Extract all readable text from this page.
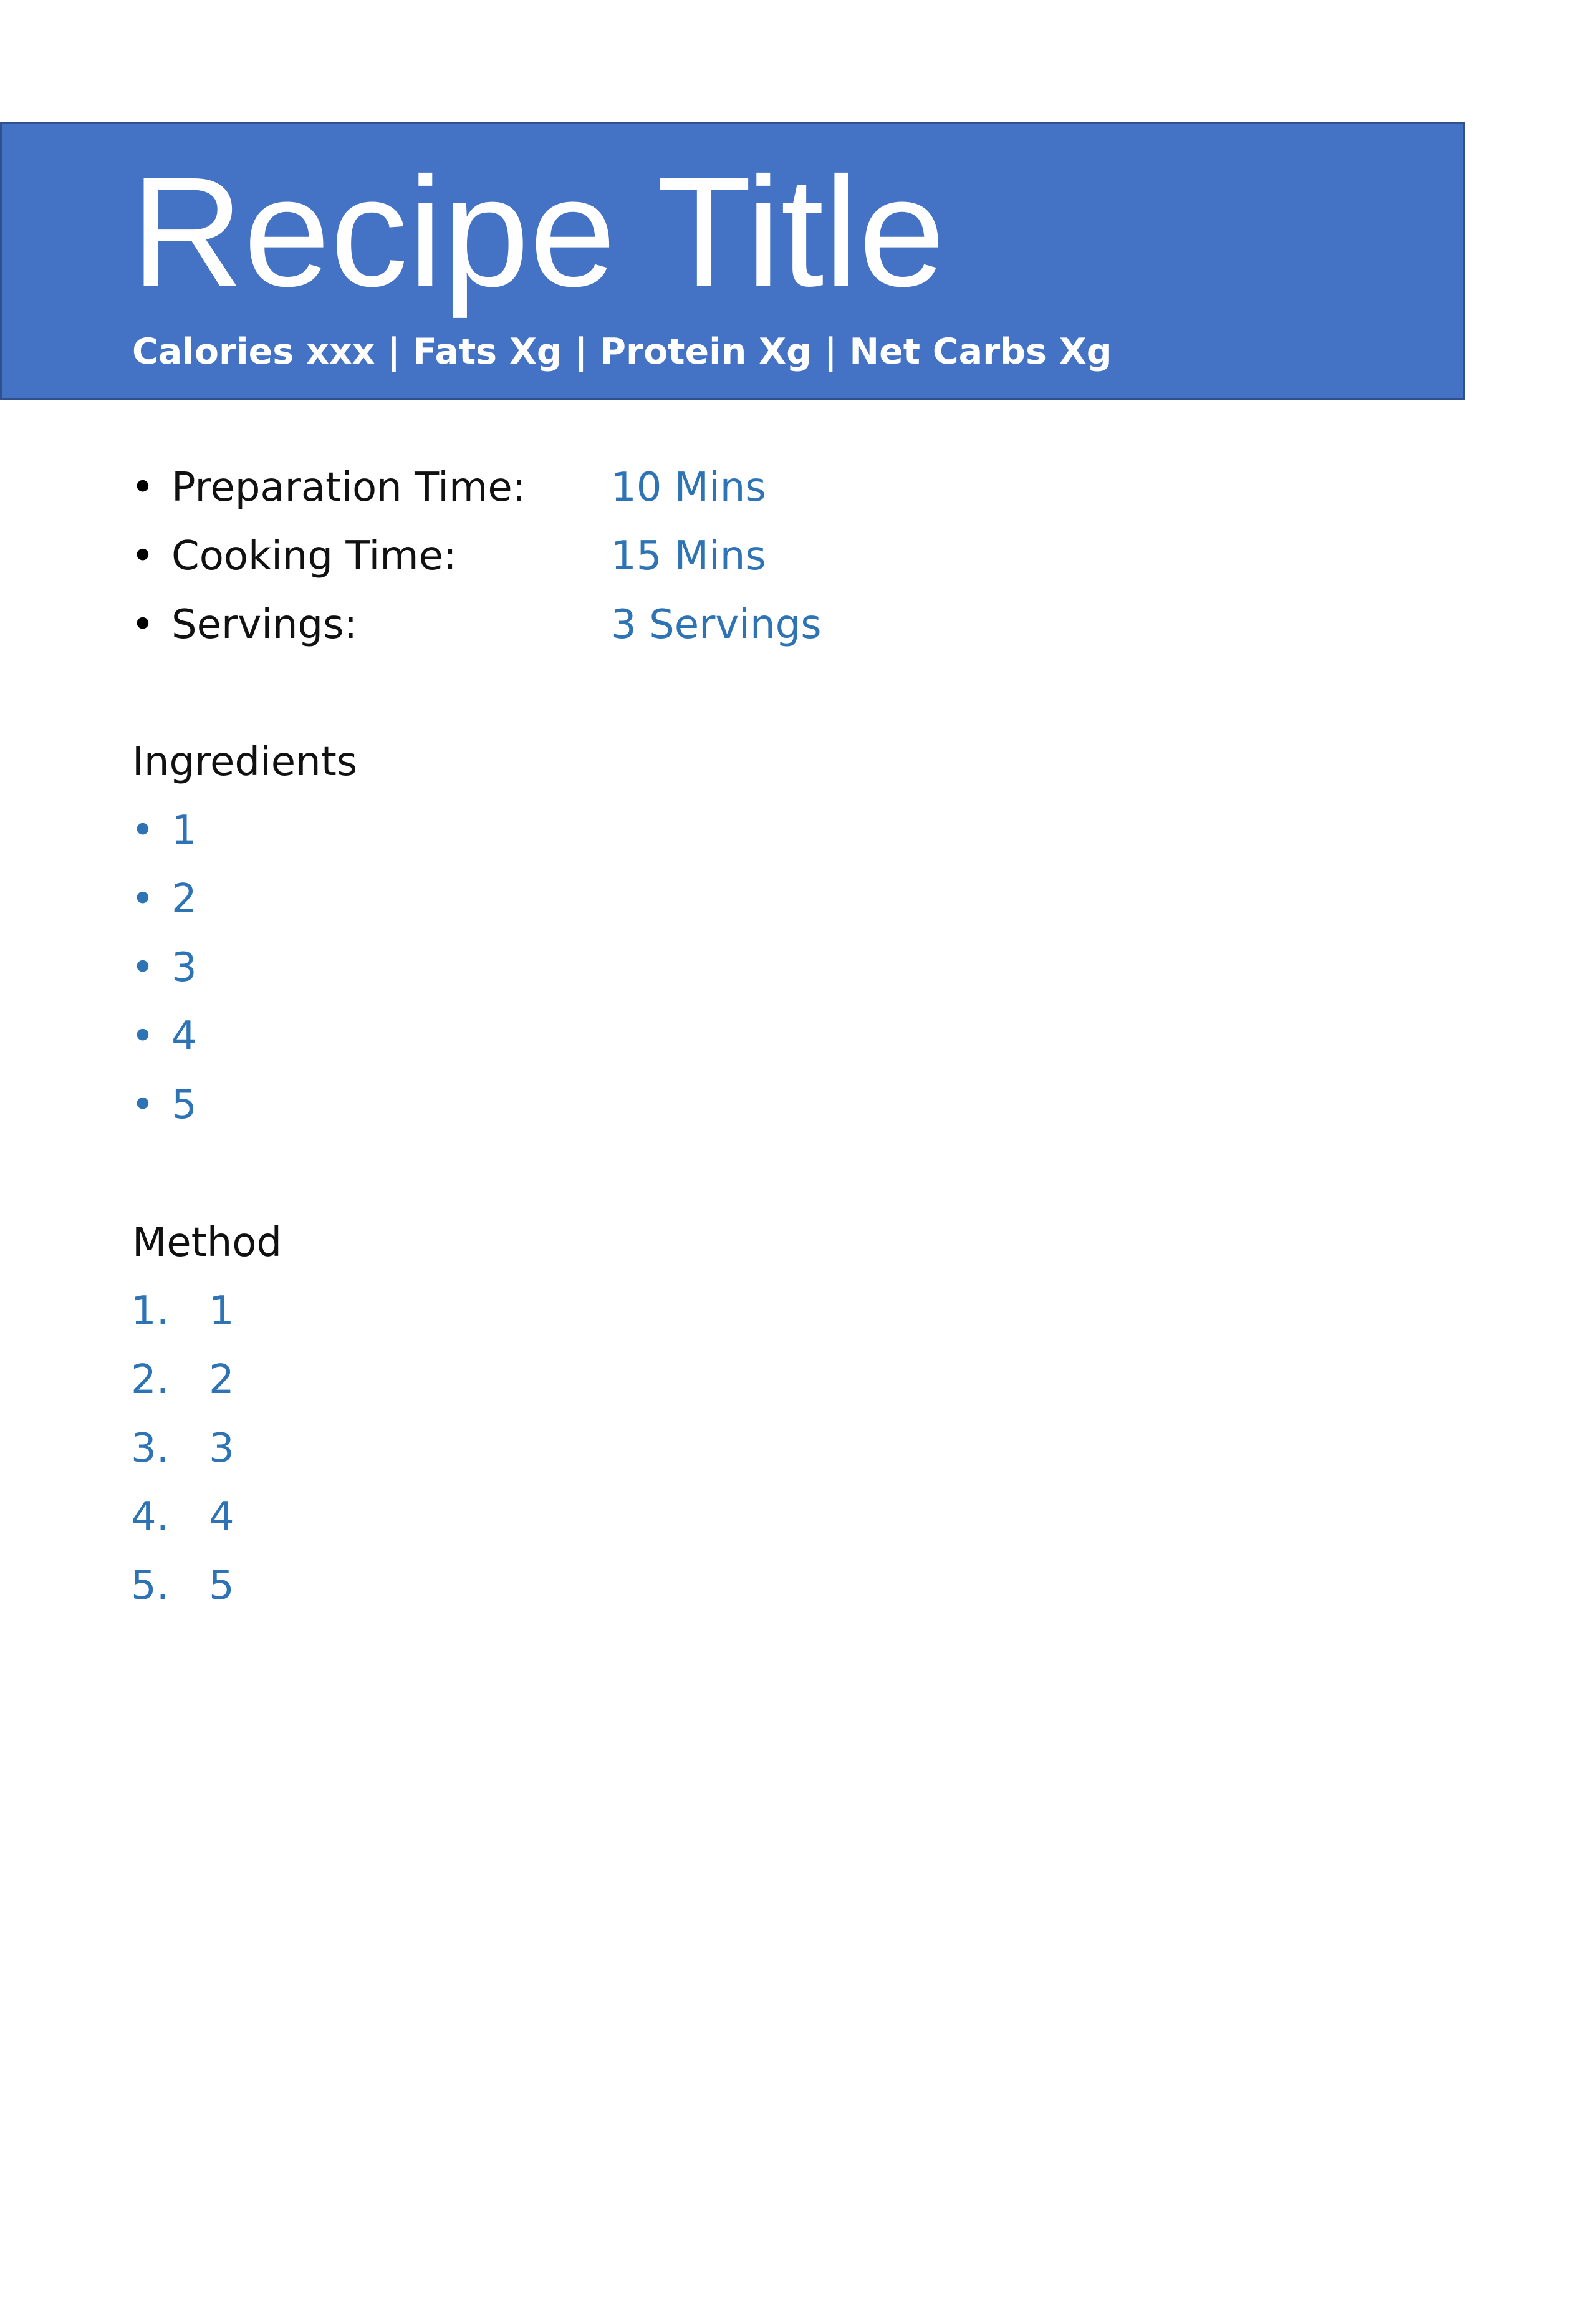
Recipe Title
Calories xxx | Fats Xg | Protein Xg | Net Carbs Xg
• Preparation Time: 10 Mins
• Cooking Time:	15 Mins
• Servings:	3 Servings
Ingredients
• 1
• 2
• 3
• 4
• 5
Method
1. 1
2. 2
3. 3
4. 4
5. 5
